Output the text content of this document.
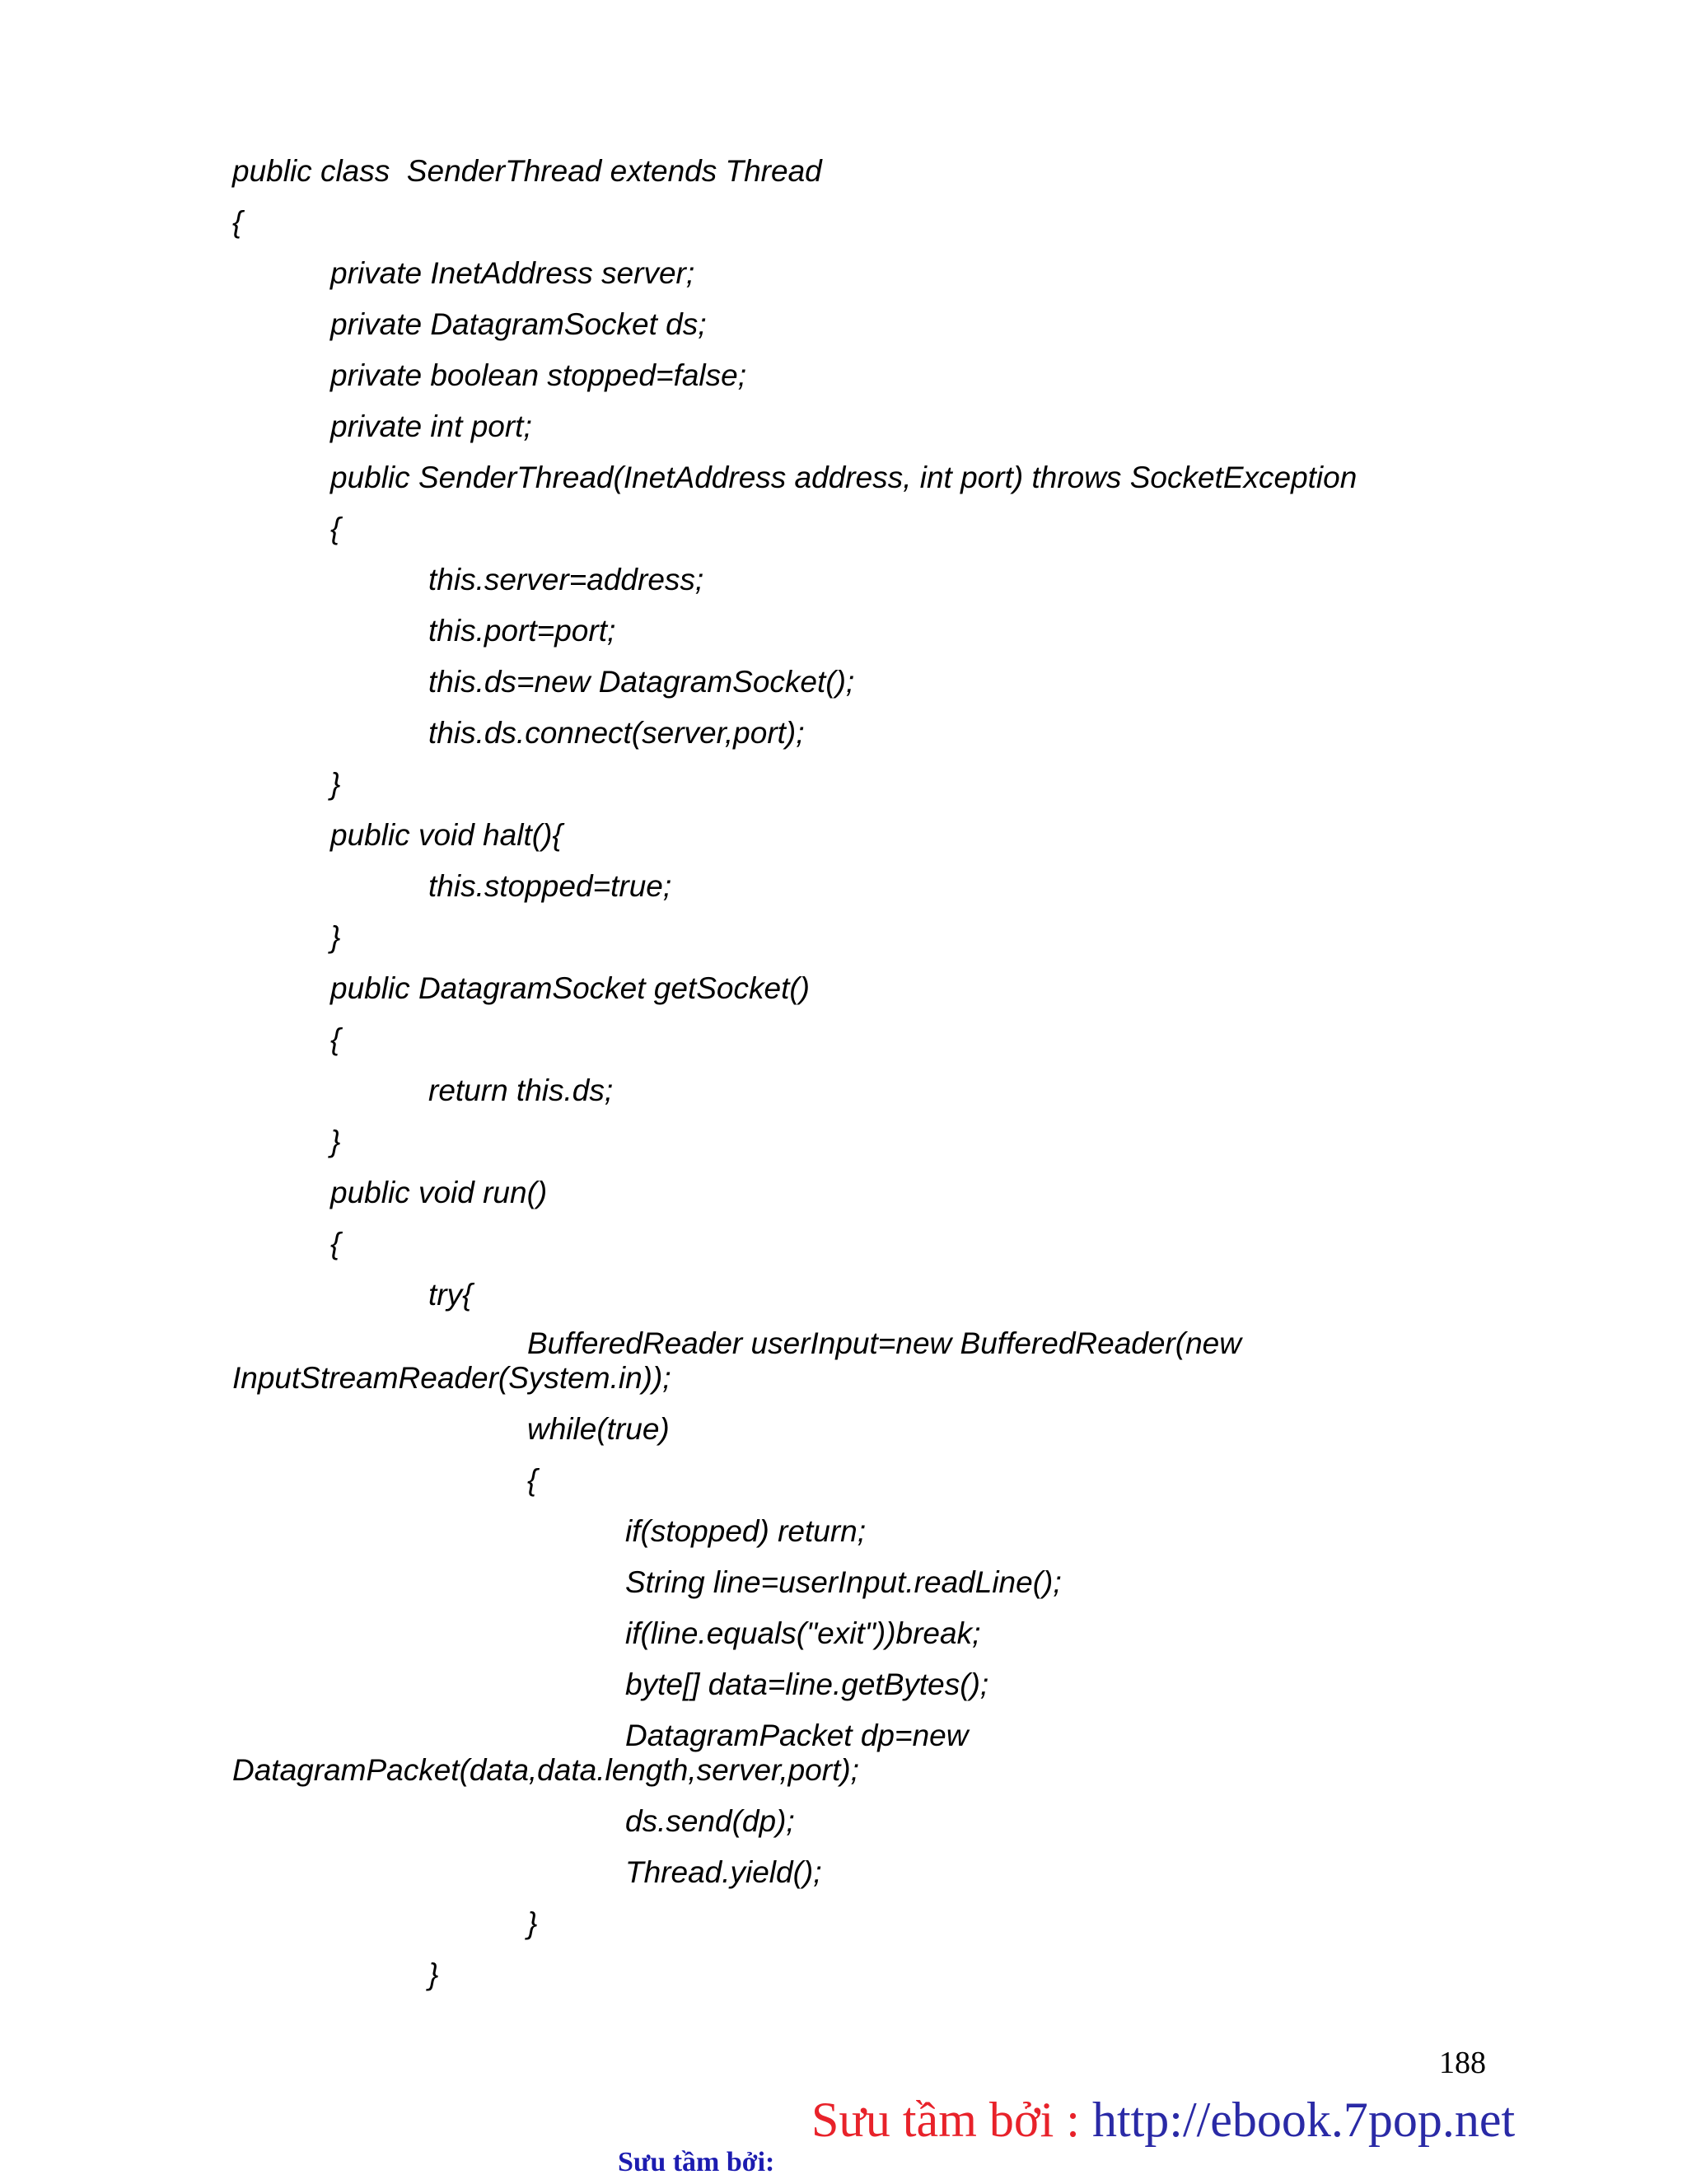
public class  SenderThread extends Thread

{

private InetAddress server;

private DatagramSocket ds;

private boolean stopped=false;

private int port;

public SenderThread(InetAddress address, int port) throws SocketException

{

this.server=address;

this.port=port;

this.ds=new DatagramSocket();

this.ds.connect(server,port);

}

public void halt(){

this.stopped=true;

}

public DatagramSocket getSocket()

{

return this.ds;

}

public void run()

{

try{

BufferedReader userInput=new BufferedReader(new

InputStreamReader(System.in));

while(true)

{

if(stopped) return;

String line=userInput.readLine();

if(line.equals("exit"))break;

byte[] data=line.getBytes();

DatagramPacket dp=new

DatagramPacket(data,data.length,server,port);

ds.send(dp);

Thread.yield();

}

}

188
Sưu tầm bởi : http://ebook.7pop.net
Sưu tầm bởi:
